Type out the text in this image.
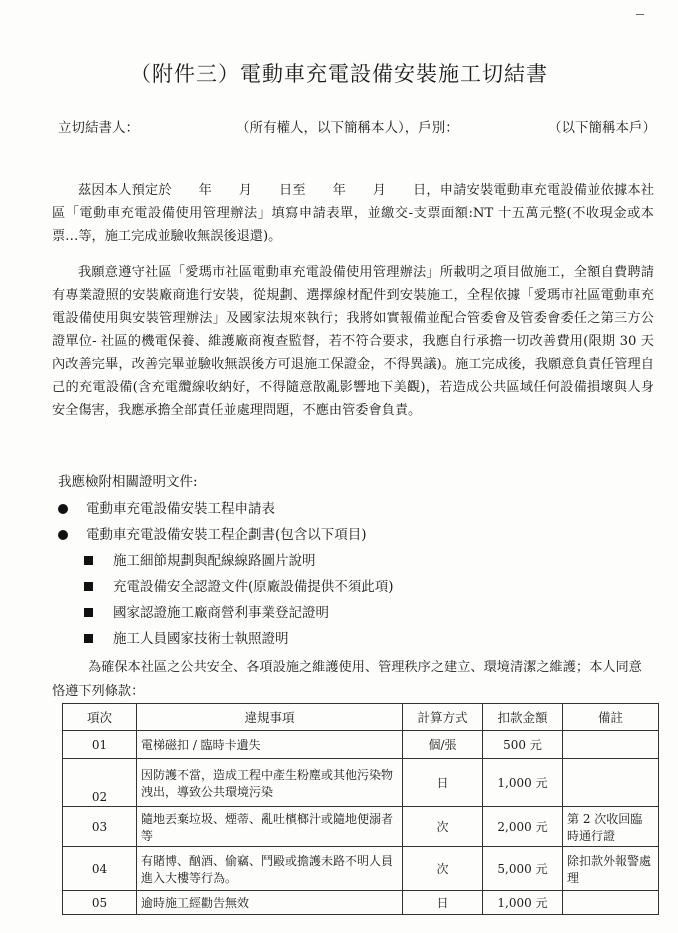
（附件三）電動車充電設備安裝施工切結書
立切結書人：	（所有權人，以下簡稱本人），戶別：	（以下簡稱本戶）

茲因本人預定於　　年　　月　　日至　　年　　月　　日，申請安裝電動車充電設備並依據本社區「電動車充電設備使用管理辦法」填寫申請表單，並繳交-支票面額:NT 十五萬元整(不收現金或本票…等，施工完成並驗收無誤後退還)。

我願意遵守社區「愛瑪市社區電動車充電設備使用管理辦法」所載明之項目做施工，全額自費聘請有專業證照的安裝廠商進行安裝，從規劃、選擇線材配件到安裝施工，全程依據「愛瑪市社區電動車充電設備使用與安裝管理辦法」及國家法規來執行；我將如實報備並配合管委會及管委會委任之第三方公證單位- 社區的機電保養、維護廠商複查監督，若不符合要求，我應自行承擔一切改善費用(限期 30 天內改善完畢，改善完畢並驗收無誤後方可退施工保證金，不得異議)。施工完成後，我願意負責任管理自己的充電設備(含充電纜線收納好，不得隨意散亂影響地下美觀)，若造成公共區域任何設備損壞與人身安全傷害，我應承擔全部責任並處理問題，不應由管委會負責。

我應檢附相關證明文件:
電動車充電設備安裝工程申請表
電動車充電設備安裝工程企劃書(包含以下項目)
施工細節規劃與配線線路圖片說明
充電設備安全認證文件(原廠設備提供不須此項)
國家認證施工廠商營利事業登記證明
施工人員國家技術士執照證明

為確保本社區之公共安全、各項設施之維護使用、管理秩序之建立、環境清潔之維護；本人同意恪遵下列條款：

項次	違規事項	計算方式	扣款金額	備註
01	電梯磁扣 / 臨時卡遺失	個/張	500 元	
02	因防護不當，造成工程中產生粉塵或其他污染物洩出，導致公共環境污染	日	1,000 元	
03	隨地丟棄垃圾、煙蒂、亂吐檳榔汁或隨地便溺者等	次	2,000 元	第 2 次收回臨時通行證
04	有賭博、酗酒、偷竊、鬥毆或擔護未路不明人員進入大樓等行為。	次	5,000 元	除扣款外報警處理
05	逾時施工經勸告無效	日	1,000 元	
